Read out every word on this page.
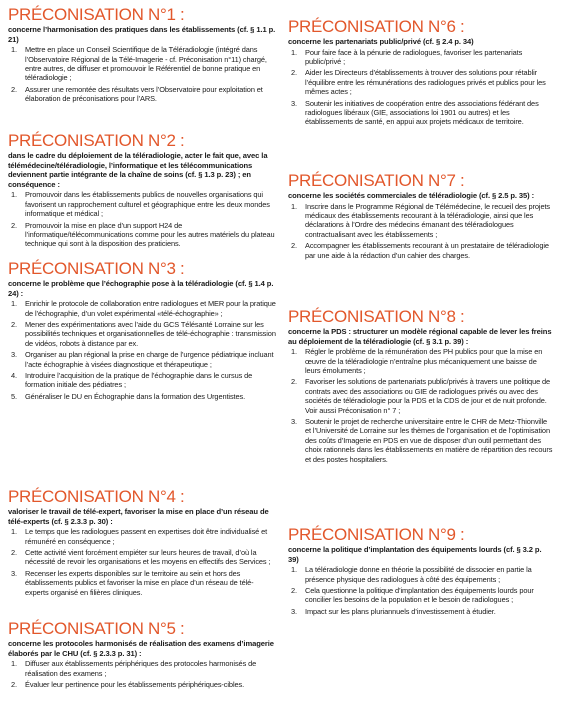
PRÉCONISATION N°1 :
concerne l’harmonisation des pratiques dans les établissements (cf. § 1.1 p. 21)
1. Mettre en place un Conseil Scientifique de la Téléradiologie (intégré dans l’Observatoire Régional de la Télé-Imagerie - cf. Préconisation n°11) chargé, entre autres, de diffuser et promouvoir le Référentiel de bonne pratique en téléradiologie ;
2. Assurer une remontée des résultats vers l’Observatoire pour exploitation et élaboration de préconisations pour l’ARS.
PRÉCONISATION N°2 :
dans le cadre du déploiement de la téléradiologie, acter le fait que, avec la télémédecine/téléradiologie, l’informatique et les télécommunications deviennent partie intégrante de la chaîne de soins (cf. § 1.3 p. 23) ; en conséquence :
1. Promouvoir dans les établissements publics de nouvelles organisations qui favorisent un rapprochement culturel et géographique entre les deux mondes informatique et médical ;
2. Promouvoir la mise en place d’un support H24 de l’informatique/télécommunications comme pour les autres matériels du plateau technique qui sont à la disposition des praticiens.
PRÉCONISATION N°3 :
concerne le problème que l’échographie pose à la téléradiologie (cf. § 1.4 p. 24) :
1. Enrichir le protocole de collaboration entre radiologues et MER pour la pratique de l’échographie, d’un volet expérimental «télé-échographie» ;
2. Mener des expérimentations avec l’aide du GCS Télésanté Lorraine sur les possibilités techniques et organisationnelles de télé-échographie : transmission de vidéos, robots à distance par ex.
3. Organiser au plan régional la prise en charge de l’urgence pédiatrique incluant l’acte échographie à visées diagnostique et thérapeutique ;
4. Introduire l’acquisition de la pratique de l’échographie dans le cursus de formation initiale des pédiatres ;
5. Généraliser le DU en Échographie dans la formation des Urgentistes.
PRÉCONISATION N°4 :
valoriser le travail de télé-expert, favoriser la mise en place d’un réseau de télé-experts (cf. § 2.3.3 p. 30) :
1. Le temps que les radiologues passent en expertises doit être individualisé et rémunéré en conséquence ;
2. Cette activité vient forcément empiéter sur leurs heures de travail, d’où la nécessité de revoir les organisations et les moyens en effectifs des Services ;
3. Recenser les experts disponibles sur le territoire au sein et hors des établissements publics et favoriser la mise en place d’un réseau de télé-experts organisé en filières cliniques.
PRÉCONISATION N°5 :
concerne les protocoles harmonisés de réalisation des examens d’imagerie élaborés par le CHU (cf. § 2.3.3 p. 31) :
1. Diffuser aux établissements périphériques des protocoles harmonisés de réalisation des examens ;
2. Évaluer leur pertinence pour les établissements périphériques-cibles.
PRÉCONISATION N°6 :
concerne les partenariats public/privé (cf. § 2.4 p. 34)
1. Pour faire face à la pénurie de radiologues, favoriser les partenariats public/privé ;
2. Aider les Directeurs d’établissements à trouver des solutions pour rétablir l’équilibre entre les rémunérations des radiologues privés et publics pour les mêmes actes ;
3. Soutenir les initiatives de coopération entre des associations fédérant des radiologues libéraux (GIE, associations loi 1901 ou autres) et les établissements de santé, en appui aux projets médicaux de territoire.
PRÉCONISATION N°7 :
concerne les sociétés commerciales de téléradiologie (cf. § 2.5 p. 35) :
1. Inscrire dans le Programme Régional de Télémédecine, le recueil des projets médicaux des établissements recourant à la téléradiologie, ainsi que les déclarations à l’Ordre des médecins émanant des téléradiologues contractualisant avec les établissements ;
2. Accompagner les établissements recourant à un prestataire de téléradiologie par une aide à la rédaction d’un cahier des charges.
PRÉCONISATION N°8 :
concerne la PDS : structurer un modèle régional capable de lever les freins au déploiement de la téléradiologie (cf. § 3.1 p. 39) :
1. Régler le problème de la rémunération des PH publics pour que la mise en œuvre de la téléradiologie n’entraîne plus mécaniquement une baisse de leurs émoluments ;
2. Favoriser les solutions de partenariats public/privés à travers une politique de contrats avec des associations ou GIE de radiologues privés ou avec des sociétés de téléradiologie pour la PDS et la CDS de jour et de nuit profonde. Voir aussi Préconisation n° 7 ;
3. Soutenir le projet de recherche universitaire entre le CHR de Metz-Thionville et l’Université de Lorraine sur les thèmes de l’organisation et de l’optimisation des coûts d’Imagerie en PDS en vue de disposer d’un outil permettant des choix rationnels dans les établissements en matière de répartition des recours et des postes hospitaliers.
PRÉCONISATION N°9 :
concerne la politique d’implantation des équipements lourds (cf. § 3.2 p. 39)
1. La téléradiologie donne en théorie la possibilité de dissocier en partie la présence physique des radiologues à côté des équipements ;
2. Cela questionne la politique d’implantation des équipements lourds pour concilier les besoins de la population et le besoin de radiologues ;
3. Impact sur les plans pluriannuels d’investissement à étudier.
